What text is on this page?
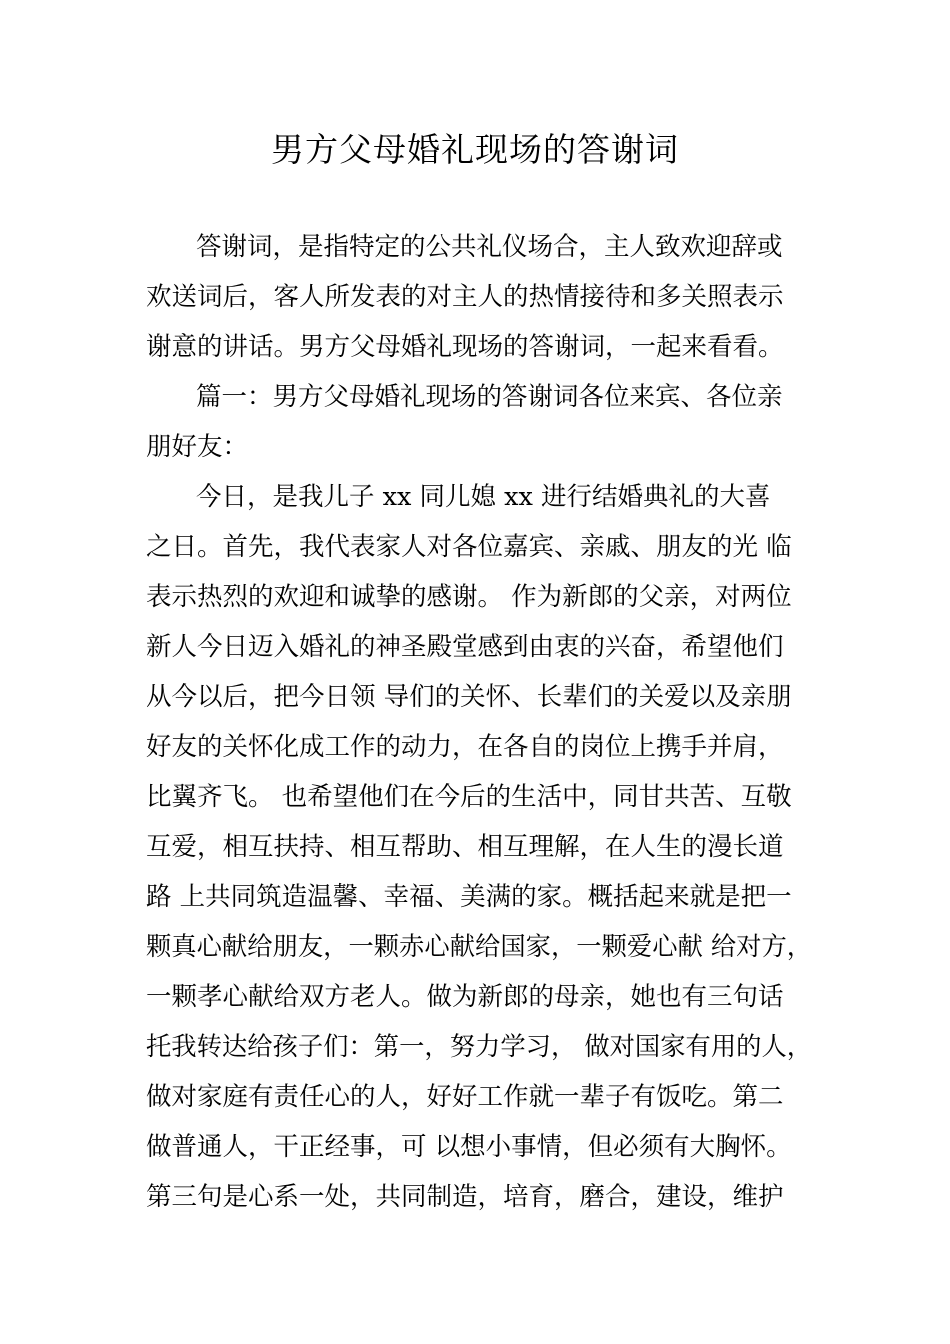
男方父母婚礼现场的答谢词
答谢词，是指特定的公共礼仪场合，主人致欢迎辞或
欢送词后，客人所发表的对主人的热情接待和多关照表示
谢意的讲话。男方父母婚礼现场的答谢词，一起来看看。
篇一：男方父母婚礼现场的答谢词各位来宾、各位亲
朋好友：
今日，是我儿子 xx 同儿媳 xx 进行结婚典礼的大喜
之日。首先，我代表家人对各位嘉宾、亲戚、朋友的光 临
表示热烈的欢迎和诚挚的感谢。 作为新郎的父亲，对两位
新人今日迈入婚礼的神圣殿堂感到由衷的兴奋，希望他们
从今以后，把今日领 导们的关怀、长辈们的关爱以及亲朋
好友的关怀化成工作的动力，在各自的岗位上携手并肩，
比翼齐飞。 也希望他们在今后的生活中，同甘共苦、互敬
互爱，相互扶持、相互帮助、相互理解，在人生的漫长道
路 上共同筑造温馨、幸福、美满的家。概括起来就是把一
颗真心献给朋友，一颗赤心献给国家，一颗爱心献 给对方，
一颗孝心献给双方老人。做为新郎的母亲，她也有三句话
托我转达给孩子们：第一，努力学习， 做对国家有用的人，
做对家庭有责任心的人，好好工作就一辈子有饭吃。第二
做普通人，干正经事，可 以想小事情，但必须有大胸怀。
第三句是心系一处，共同制造，培育，磨合，建设，维护
